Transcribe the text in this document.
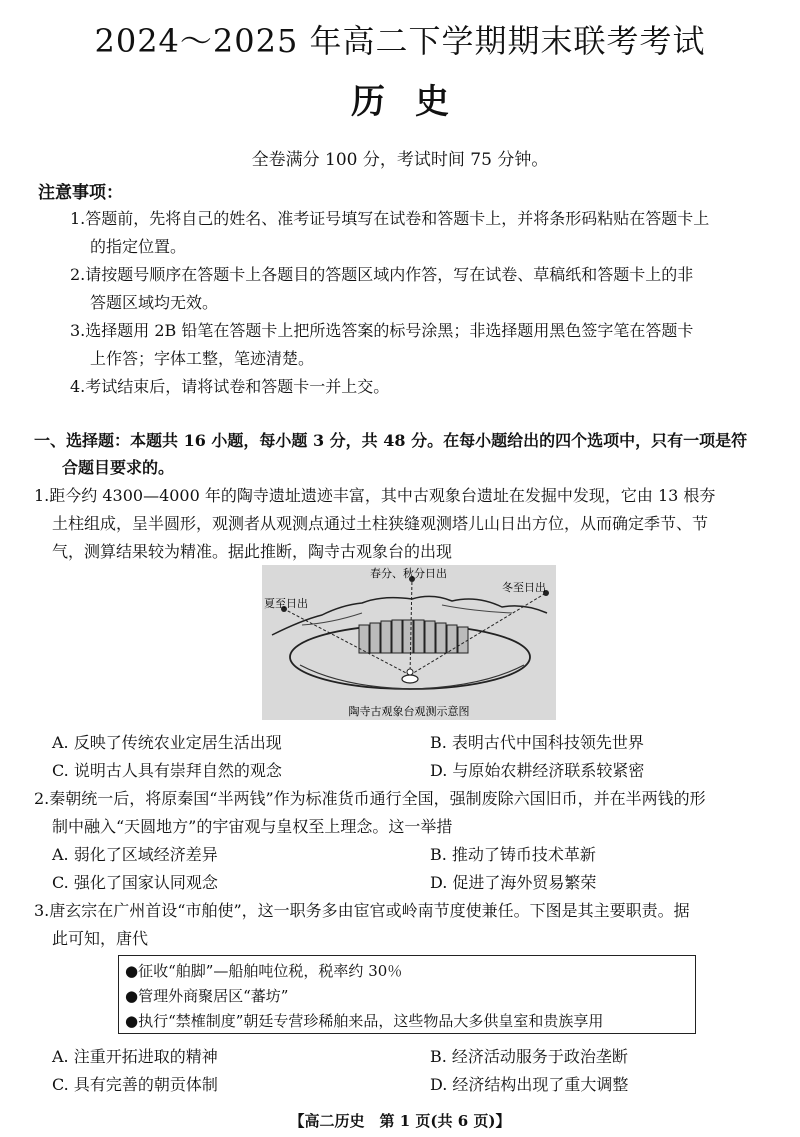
2024～2025 年高二下学期期末联考考试
历史
全卷满分 100 分，考试时间 75 分钟。
注意事项：
1.答题前，先将自己的姓名、准考证号填写在试卷和答题卡上，并将条形码粘贴在答题卡上
的指定位置。
2.请按题号顺序在答题卡上各题目的答题区域内作答，写在试卷、草稿纸和答题卡上的非
答题区域均无效。
3.选择题用 2B 铅笔在答题卡上把所选答案的标号涂黑；非选择题用黑色签字笔在答题卡
上作答；字体工整，笔迹清楚。
4.考试结束后，请将试卷和答题卡一并上交。
一、选择题：本题共 16 小题，每小题 3 分，共 48 分。在每小题给出的四个选项中，只有一项是符
合题目要求的。
1.距今约 4300—4000 年的陶寺遗址遗迹丰富，其中古观象台遗址在发掘中发现，它由 13 根夯
土柱组成，呈半圆形，观测者从观测点通过土柱狭缝观测塔儿山日出方位，从而确定季节、节
气，测算结果较为精准。据此推断，陶寺古观象台的出现
夏至日出
春分、秋分日出
冬至日出
陶寺古观象台观测示意图
A. 反映了传统农业定居生活出现	B. 表明古代中国科技领先世界
C. 说明古人具有崇拜自然的观念	D. 与原始农耕经济联系较紧密
2.秦朝统一后，将原秦国“半两钱”作为标准货币通行全国，强制废除六国旧币，并在半两钱的形
制中融入“天圆地方”的宇宙观与皇权至上理念。这一举措
A. 弱化了区域经济差异	B. 推动了铸币技术革新
C. 强化了国家认同观念	D. 促进了海外贸易繁荣
3.唐玄宗在广州首设“市舶使”，这一职务多由宦官或岭南节度使兼任。下图是其主要职责。据
此可知，唐代
●征收“舶脚”—船舶吨位税，税率约 30％
●管理外商聚居区“蕃坊”
●执行“禁榷制度”朝廷专营珍稀舶来品，这些物品大多供皇室和贵族享用
A. 注重开拓进取的精神	B. 经济活动服务于政治垄断
C. 具有完善的朝贡体制	D. 经济结构出现了重大调整
【高二历史　第 1 页(共 6 页)】
